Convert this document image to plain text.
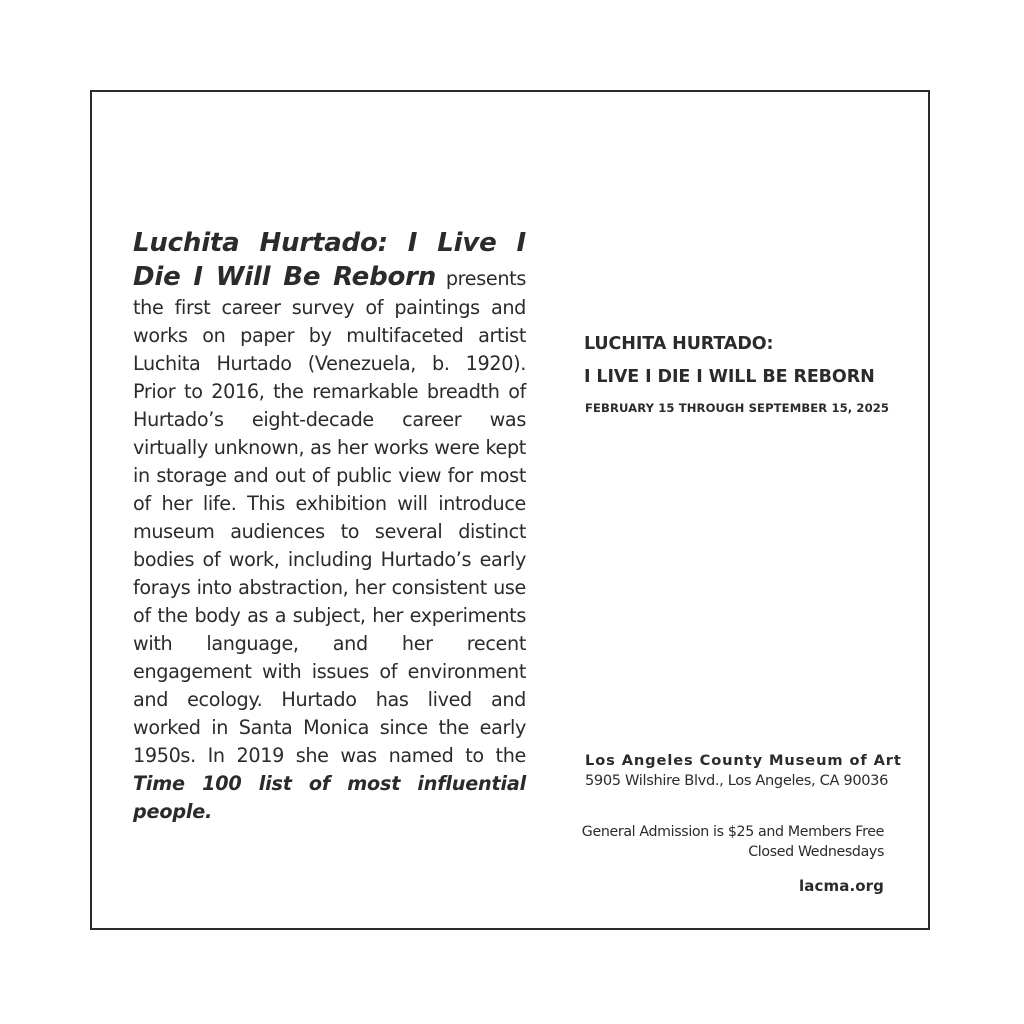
Luchita Hurtado: I Live I Die I Will Be Reborn presents the first career survey of paintings and works on paper by multifaceted artist Luchita Hurtado (Venezuela, b. 1920). Prior to 2016, the remarkable breadth of Hurtado’s eight-decade career was virtually unknown, as her works were kept in storage and out of public view for most of her life. This exhibition will introduce museum audiences to several distinct bodies of work, including Hurtado’s early forays into abstraction, her consistent use of the body as a subject, her experiments with language, and her recent engagement with issues of environment and ecology. Hurtado has lived and worked in Santa Monica since the early 1950s. In 2019 she was named to the Time 100 list of most influential people.
LUCHITA HURTADO:
I LIVE I DIE I WILL BE REBORN
FEBRUARY 15 THROUGH SEPTEMBER 15, 2025
Los Angeles County Museum of Art
5905 Wilshire Blvd., Los Angeles, CA 90036
General Admission is $25 and Members Free
Closed Wednesdays
lacma.org
